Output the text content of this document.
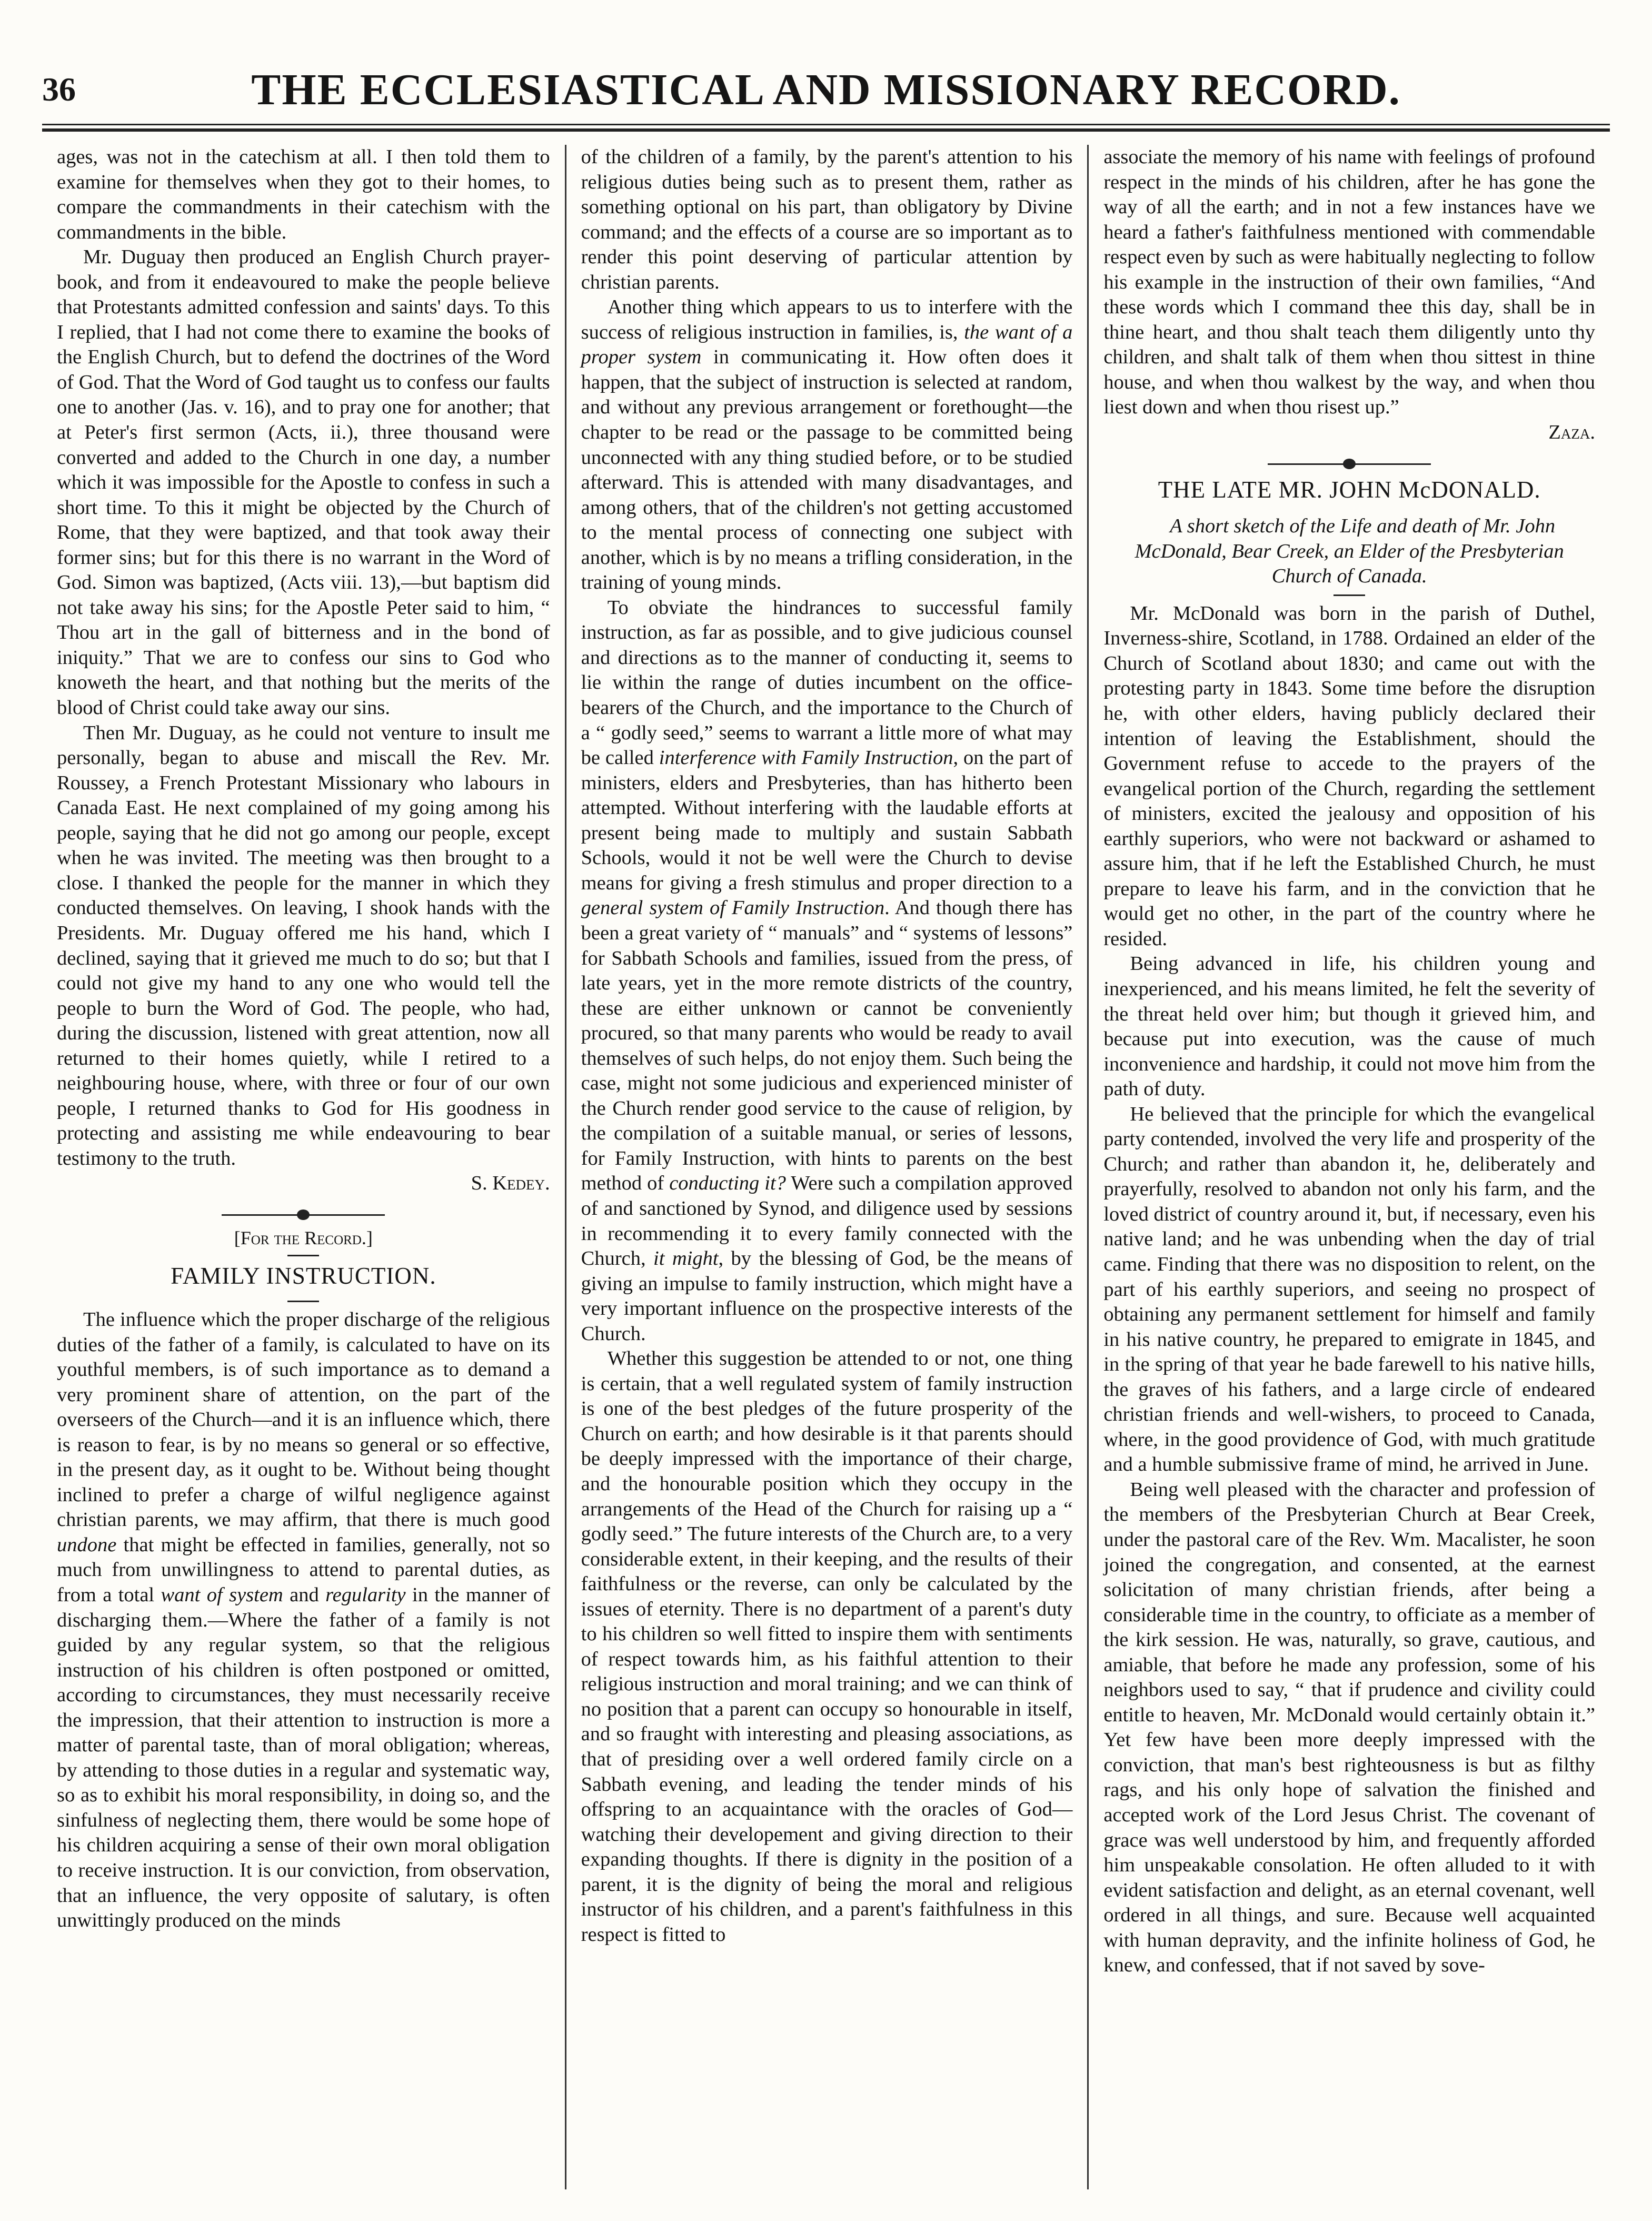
36	THE ECCLESIASTICAL AND MISSIONARY RECORD.

ages, was not in the catechism at all. I then told them to examine for themselves when they got to their homes, to compare the commandments in their catechism with the commandments in the bible.

Mr. Duguay then produced an English Church prayer-book, and from it endeavoured to make the people believe that Protestants admitted confession and saints' days. To this I replied, that I had not come there to examine the books of the English Church, but to defend the doctrines of the Word of God. That the Word of God taught us to confess our faults one to another (Jas. v. 16), and to pray one for another; that at Peter's first sermon (Acts, ii.), three thousand were converted and added to the Church in one day, a number which it was impossible for the Apostle to confess in such a short time. To this it might be objected by the Church of Rome, that they were baptized, and that took away their former sins; but for this there is no warrant in the Word of God. Simon was baptized, (Acts viii. 13),—but baptism did not take away his sins; for the Apostle Peter said to him, “ Thou art in the gall of bitterness and in the bond of iniquity.” That we are to confess our sins to God who knoweth the heart, and that nothing but the merits of the blood of Christ could take away our sins.

Then Mr. Duguay, as he could not venture to insult me personally, began to abuse and miscall the Rev. Mr. Roussey, a French Protestant Missionary who labours in Canada East. He next complained of my going among his people, saying that he did not go among our people, except when he was invited. The meeting was then brought to a close. I thanked the people for the manner in which they conducted themselves. On leaving, I shook hands with the Presidents. Mr. Duguay offered me his hand, which I declined, saying that it grieved me much to do so; but that I could not give my hand to any one who would tell the people to burn the Word of God. The people, who had, during the discussion, listened with great attention, now all returned to their homes quietly, while I retired to a neighbouring house, where, with three or four of our own people, I returned thanks to God for His goodness in protecting and assisting me while endeavouring to bear testimony to the truth.

S. Kedey.

[For the Record.]
FAMILY INSTRUCTION.

The influence which the proper discharge of the religious duties of the father of a family, is calculated to have on its youthful members, is of such importance as to demand a very prominent share of attention, on the part of the overseers of the Church—and it is an influence which, there is reason to fear, is by no means so general or so effective, in the present day, as it ought to be. Without being thought inclined to prefer a charge of wilful negligence against christian parents, we may affirm, that there is much good undone that might be effected in families, generally, not so much from unwillingness to attend to parental duties, as from a total want of system and regularity in the manner of discharging them.—Where the father of a family is not guided by any regular system, so that the religious instruction of his children is often postponed or omitted, according to circumstances, they must necessarily receive the impression, that their attention to instruction is more a matter of parental taste, than of moral obligation; whereas, by attending to those duties in a regular and systematic way, so as to exhibit his moral responsibility, in doing so, and the sinfulness of neglecting them, there would be some hope of his children acquiring a sense of their own moral obligation to receive instruction. It is our conviction, from observation, that an influence, the very opposite of salutary, is often unwittingly produced on the minds

of the children of a family, by the parent's attention to his religious duties being such as to present them, rather as something optional on his part, than obligatory by Divine command; and the effects of a course are so important as to render this point deserving of particular attention by christian parents.

Another thing which appears to us to interfere with the success of religious instruction in families, is, the want of a proper system in communicating it. How often does it happen, that the subject of instruction is selected at random, and without any previous arrangement or forethought—the chapter to be read or the passage to be committed being unconnected with any thing studied before, or to be studied afterward. This is attended with many disadvantages, and among others, that of the children's not getting accustomed to the mental process of connecting one subject with another, which is by no means a trifling consideration, in the training of young minds.

To obviate the hindrances to successful family instruction, as far as possible, and to give judicious counsel and directions as to the manner of conducting it, seems to lie within the range of duties incumbent on the office-bearers of the Church, and the importance to the Church of a “ godly seed,” seems to warrant a little more of what may be called interference with Family Instruction, on the part of ministers, elders and Presbyteries, than has hitherto been attempted. Without interfering with the laudable efforts at present being made to multiply and sustain Sabbath Schools, would it not be well were the Church to devise means for giving a fresh stimulus and proper direction to a general system of Family Instruction. And though there has been a great variety of “ manuals” and “ systems of lessons” for Sabbath Schools and families, issued from the press, of late years, yet in the more remote districts of the country, these are either unknown or cannot be conveniently procured, so that many parents who would be ready to avail themselves of such helps, do not enjoy them. Such being the case, might not some judicious and experienced minister of the Church render good service to the cause of religion, by the compilation of a suitable manual, or series of lessons, for Family Instruction, with hints to parents on the best method of conducting it? Were such a compilation approved of and sanctioned by Synod, and diligence used by sessions in recommending it to every family connected with the Church, it might, by the blessing of God, be the means of giving an impulse to family instruction, which might have a very important influence on the prospective interests of the Church.

Whether this suggestion be attended to or not, one thing is certain, that a well regulated system of family instruction is one of the best pledges of the future prosperity of the Church on earth; and how desirable is it that parents should be deeply impressed with the importance of their charge, and the honourable position which they occupy in the arrangements of the Head of the Church for raising up a “ godly seed.” The future interests of the Church are, to a very considerable extent, in their keeping, and the results of their faithfulness or the reverse, can only be calculated by the issues of eternity. There is no department of a parent's duty to his children so well fitted to inspire them with sentiments of respect towards him, as his faithful attention to their religious instruction and moral training; and we can think of no position that a parent can occupy so honourable in itself, and so fraught with interesting and pleasing associations, as that of presiding over a well ordered family circle on a Sabbath evening, and leading the tender minds of his offspring to an acquaintance with the oracles of God—watching their developement and giving direction to their expanding thoughts. If there is dignity in the position of a parent, it is the dignity of being the moral and religious instructor of his children, and a parent's faithfulness in this respect is fitted to

associate the memory of his name with feelings of profound respect in the minds of his children, after he has gone the way of all the earth; and in not a few instances have we heard a father's faithfulness mentioned with commendable respect even by such as were habitually neglecting to follow his example in the instruction of their own families, “And these words which I command thee this day, shall be in thine heart, and thou shalt teach them diligently unto thy children, and shalt talk of them when thou sittest in thine house, and when thou walkest by the way, and when thou liest down and when thou risest up.”

Zaza.

THE LATE MR. JOHN McDONALD.

A short sketch of the Life and death of Mr. John McDonald, Bear Creek, an Elder of the Presbyterian Church of Canada.

Mr. McDonald was born in the parish of Duthel, Inverness-shire, Scotland, in 1788. Ordained an elder of the Church of Scotland about 1830; and came out with the protesting party in 1843. Some time before the disruption he, with other elders, having publicly declared their intention of leaving the Establishment, should the Government refuse to accede to the prayers of the evangelical portion of the Church, regarding the settlement of ministers, excited the jealousy and opposition of his earthly superiors, who were not backward or ashamed to assure him, that if he left the Established Church, he must prepare to leave his farm, and in the conviction that he would get no other, in the part of the country where he resided.

Being advanced in life, his children young and inexperienced, and his means limited, he felt the severity of the threat held over him; but though it grieved him, and because put into execution, was the cause of much inconvenience and hardship, it could not move him from the path of duty.

He believed that the principle for which the evangelical party contended, involved the very life and prosperity of the Church; and rather than abandon it, he, deliberately and prayerfully, resolved to abandon not only his farm, and the loved district of country around it, but, if necessary, even his native land; and he was unbending when the day of trial came. Finding that there was no disposition to relent, on the part of his earthly superiors, and seeing no prospect of obtaining any permanent settlement for himself and family in his native country, he prepared to emigrate in 1845, and in the spring of that year he bade farewell to his native hills, the graves of his fathers, and a large circle of endeared christian friends and well-wishers, to proceed to Canada, where, in the good providence of God, with much gratitude and a humble submissive frame of mind, he arrived in June.

Being well pleased with the character and profession of the members of the Presbyterian Church at Bear Creek, under the pastoral care of the Rev. Wm. Macalister, he soon joined the congregation, and consented, at the earnest solicitation of many christian friends, after being a considerable time in the country, to officiate as a member of the kirk session. He was, naturally, so grave, cautious, and amiable, that before he made any profession, some of his neighbors used to say, “ that if prudence and civility could entitle to heaven, Mr. McDonald would certainly obtain it.” Yet few have been more deeply impressed with the conviction, that man's best righteousness is but as filthy rags, and his only hope of salvation the finished and accepted work of the Lord Jesus Christ. The covenant of grace was well understood by him, and frequently afforded him unspeakable consolation. He often alluded to it with evident satisfaction and delight, as an eternal covenant, well ordered in all things, and sure. Because well acquainted with human depravity, and the infinite holiness of God, he knew, and confessed, that if not saved by sove-
